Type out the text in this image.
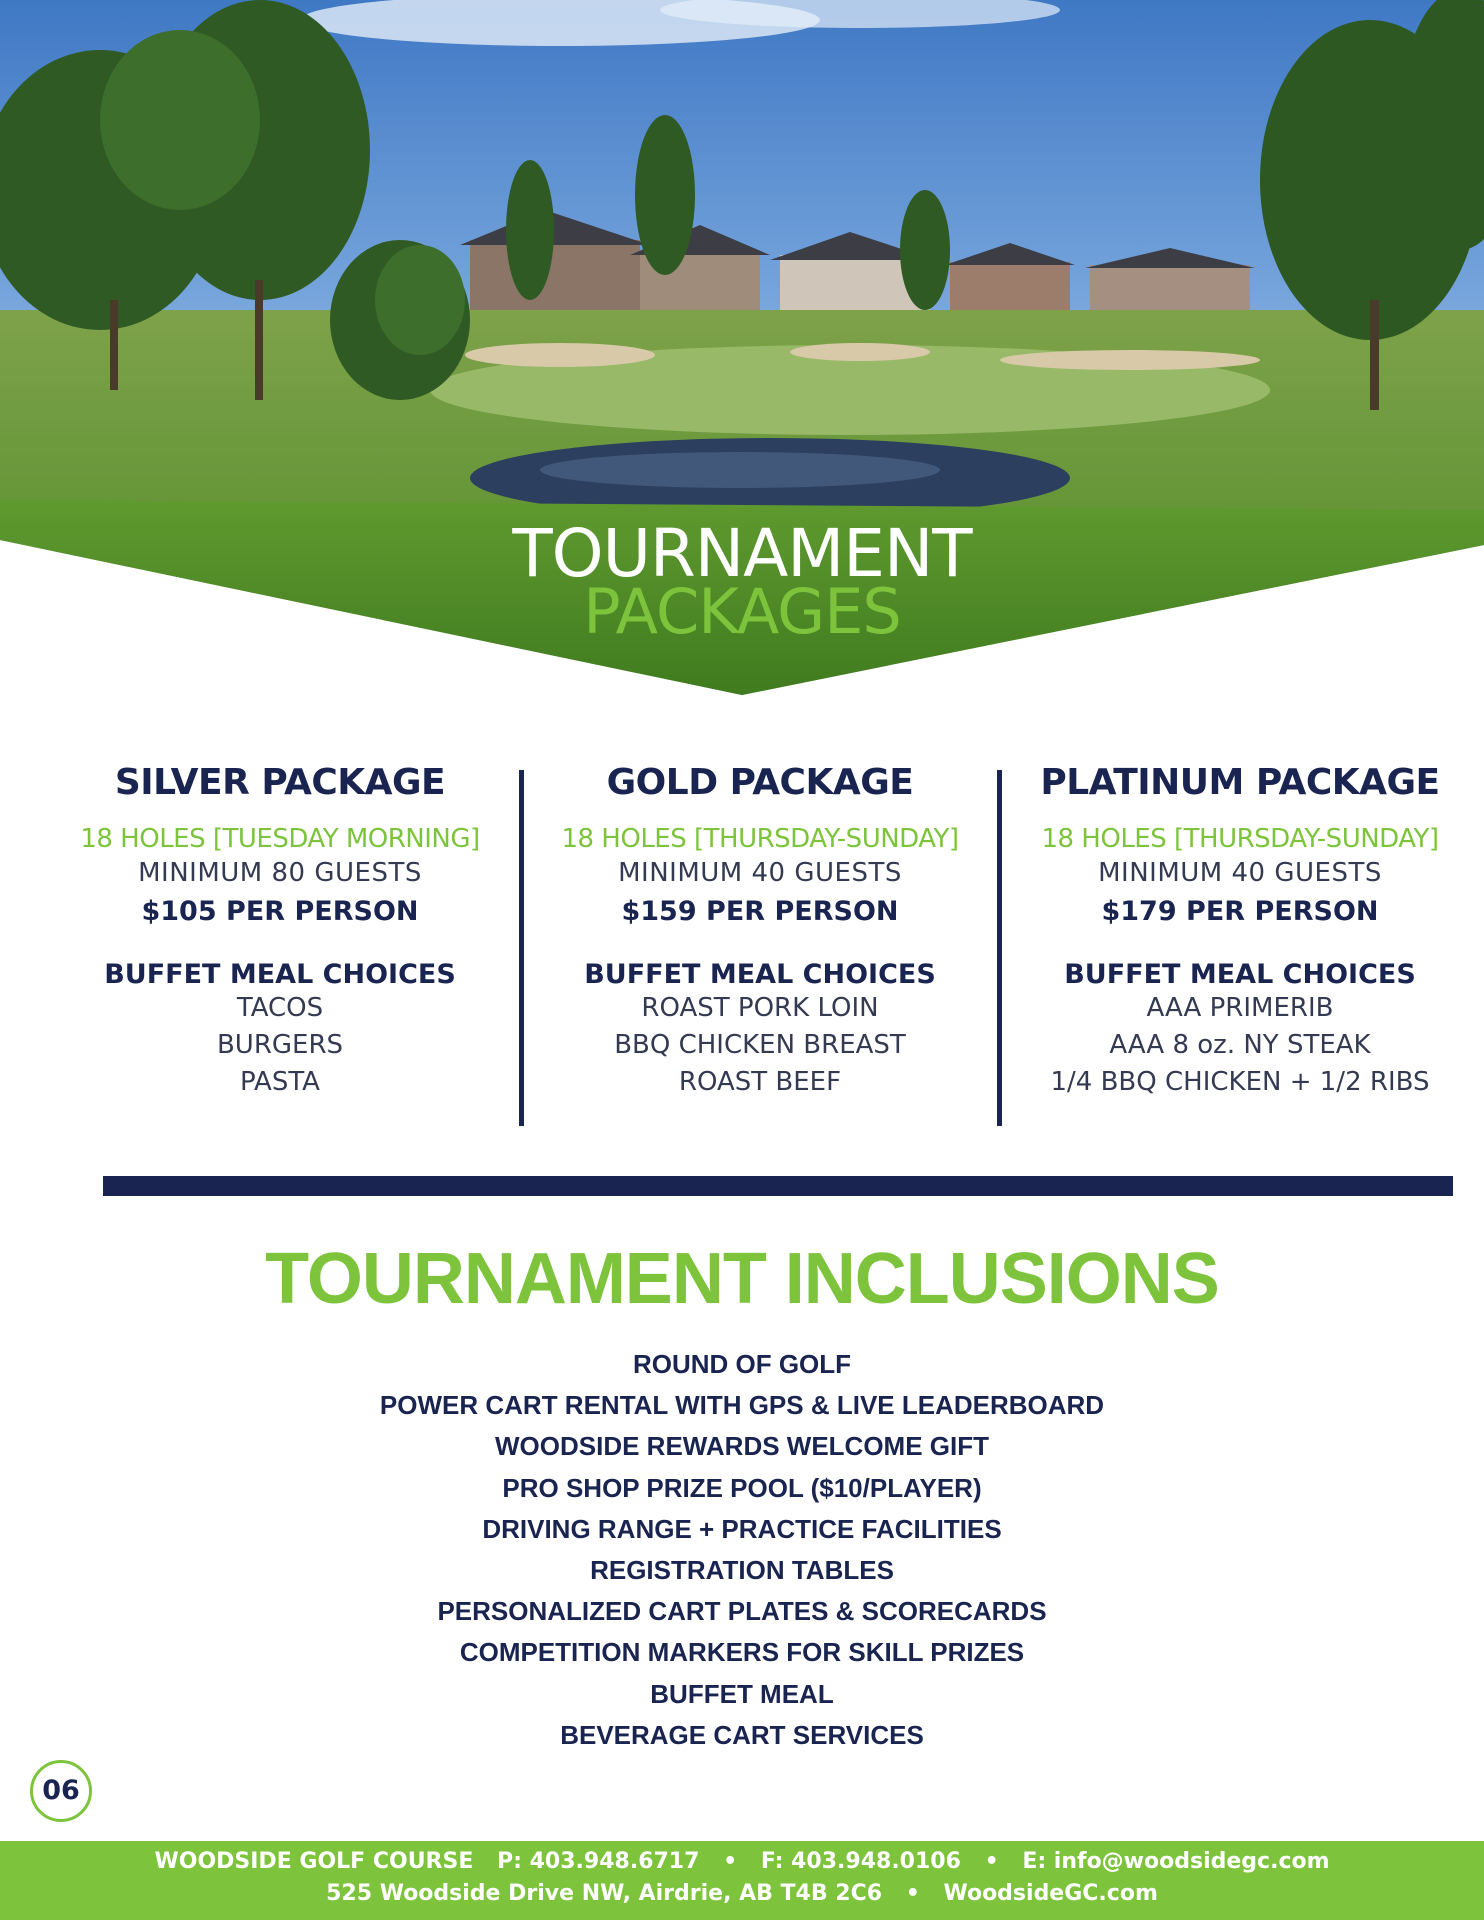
TOURNAMENT
PACKAGES
SILVER PACKAGE
18 HOLES [TUESDAY MORNING]
MINIMUM 80 GUESTS
$105 PER PERSON
BUFFET MEAL CHOICES
TACOS
BURGERS
PASTA
GOLD PACKAGE
18 HOLES [THURSDAY-SUNDAY]
MINIMUM 40 GUESTS
$159 PER PERSON
BUFFET MEAL CHOICES
ROAST PORK LOIN
BBQ CHICKEN BREAST
ROAST BEEF
PLATINUM PACKAGE
18 HOLES [THURSDAY-SUNDAY]
MINIMUM 40 GUESTS
$179 PER PERSON
BUFFET MEAL CHOICES
AAA PRIMERIB
AAA 8 oz. NY STEAK
1/4 BBQ CHICKEN + 1/2 RIBS
TOURNAMENT INCLUSIONS
ROUND OF GOLF
POWER CART RENTAL WITH GPS & LIVE LEADERBOARD
WOODSIDE REWARDS WELCOME GIFT
PRO SHOP PRIZE POOL ($10/PLAYER)
DRIVING RANGE + PRACTICE FACILITIES
REGISTRATION TABLES
PERSONALIZED CART PLATES & SCORECARDS
COMPETITION MARKERS FOR SKILL PRIZES
BUFFET MEAL
BEVERAGE CART SERVICES
06
WOODSIDE GOLF COURSE P: 403.948.6717 • F: 403.948.0106 • E: info@woodsidegc.com
525 Woodside Drive NW, Airdrie, AB T4B 2C6 • WoodsideGC.com
